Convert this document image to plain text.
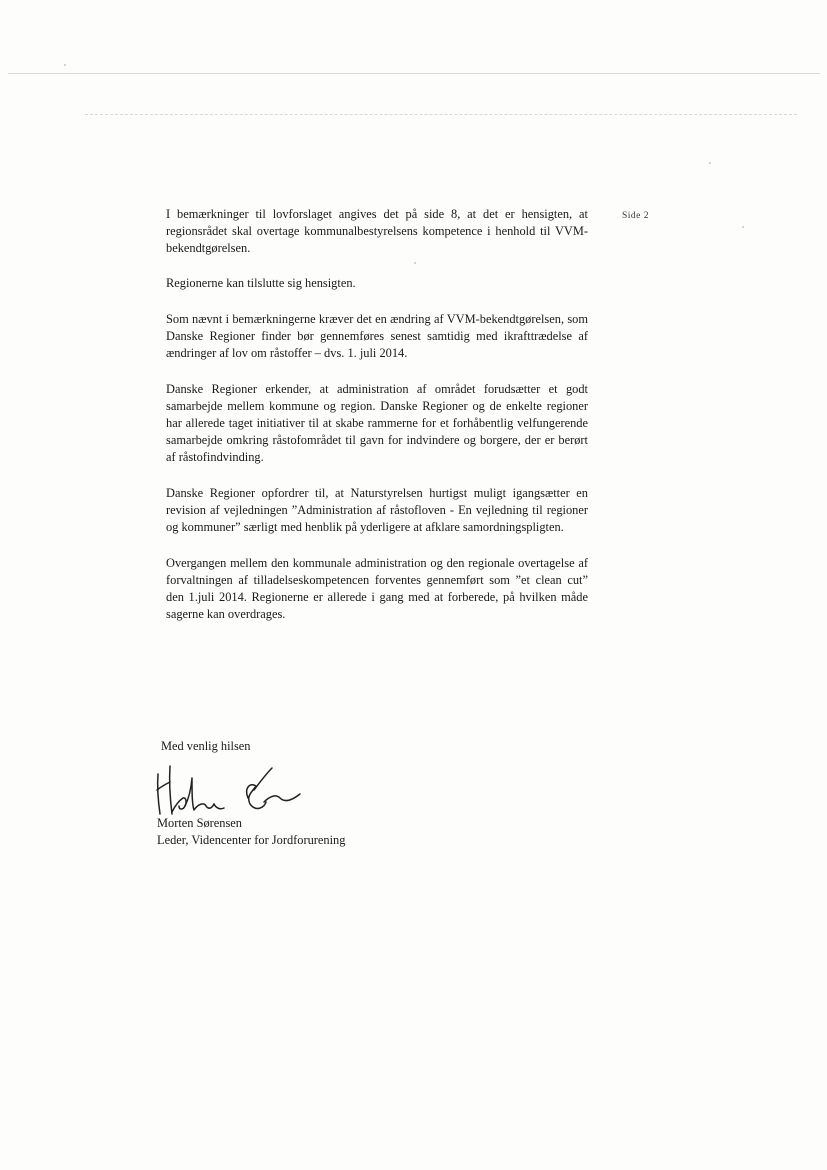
Side 2

I bemærkninger til lovforslaget angives det på side 8, at det er hensigten, at regionsrådet skal overtage kommunalbestyrelsens kompetence i henhold til VVM-bekendtgørelsen.

Regionerne kan tilslutte sig hensigten.

Som nævnt i bemærkningerne kræver det en ændring af VVM-bekendtgørelsen, som Danske Regioner finder bør gennemføres senest samtidig med ikrafttrædelse af ændringer af lov om råstoffer – dvs. 1. juli 2014.

Danske Regioner erkender, at administration af området forudsætter et godt samarbejde mellem kommune og region. Danske Regioner og de enkelte regioner har allerede taget initiativer til at skabe rammerne for et forhåbentlig velfungerende samarbejde omkring råstofområdet til gavn for indvindere og borgere, der er berørt af råstofindvinding.

Danske Regioner opfordrer til, at Naturstyrelsen hurtigst muligt igangsætter en revision af vejledningen ”Administration af råstofloven - En vejledning til regioner og kommuner” særligt med henblik på yderligere at afklare samordningspligten.

Overgangen mellem den kommunale administration og den regionale overtagelse af forvaltningen af tilladelseskompetencen forventes gennemført som ”et clean cut” den 1.juli 2014. Regionerne er allerede i gang med at forberede, på hvilken måde sagerne kan overdrages.

Med venlig hilsen
Morten Sørensen
Leder, Videncenter for Jordforurening
